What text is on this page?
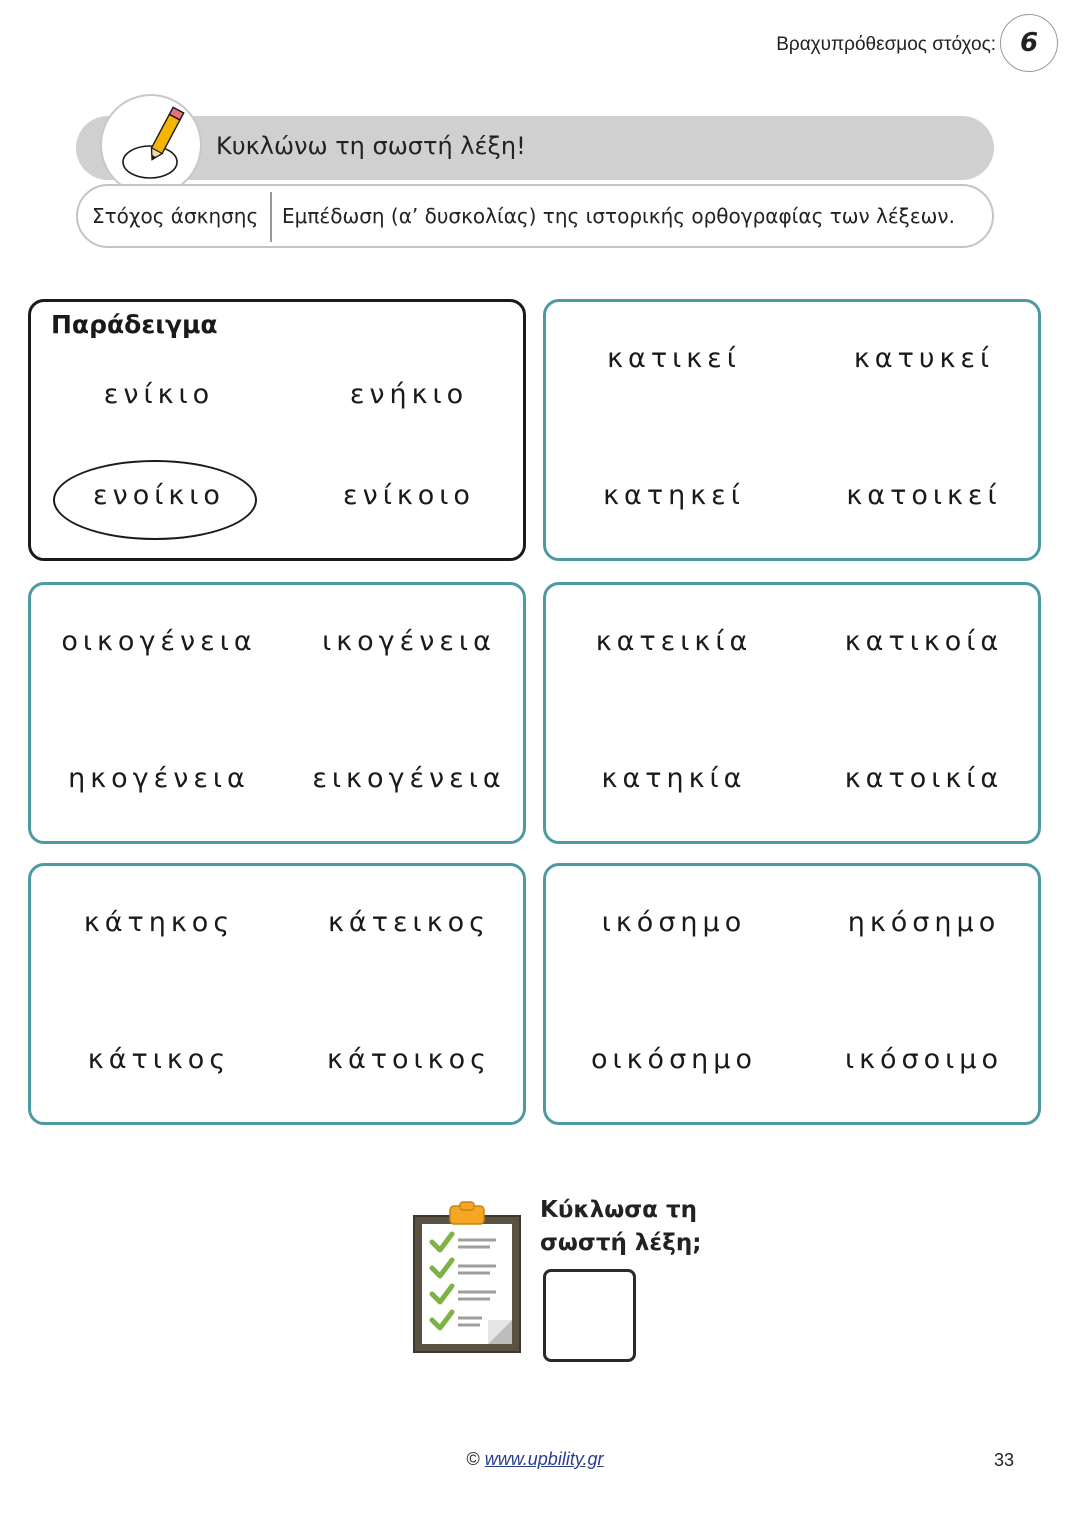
Βραχυπρόθεσμος στόχος: 6
Κυκλώνω τη σωστή λέξη!
Στόχος άσκησης Εμπέδωση (α’ δυσκολίας) της ιστορικής ορθογραφίας των λέξεων.
Παράδειγμα
ενίκιο	ενήκιο
ενοίκιο	ενίκοιο
κατικεί	κατυκεί
κατηκεί	κατοικεί
οικογένεια	ικογένεια
ηκογένεια	εικογένεια
κατεικία	κατικοία
κατηκία	κατοικία
κάτηκος	κάτεικος
κάτικος	κάτοικος
ικόσημο	ηκόσημο
οικόσημο	ικόσοιμο
Κύκλωσα τη
σωστή λέξη;
© www.upbility.gr	33
